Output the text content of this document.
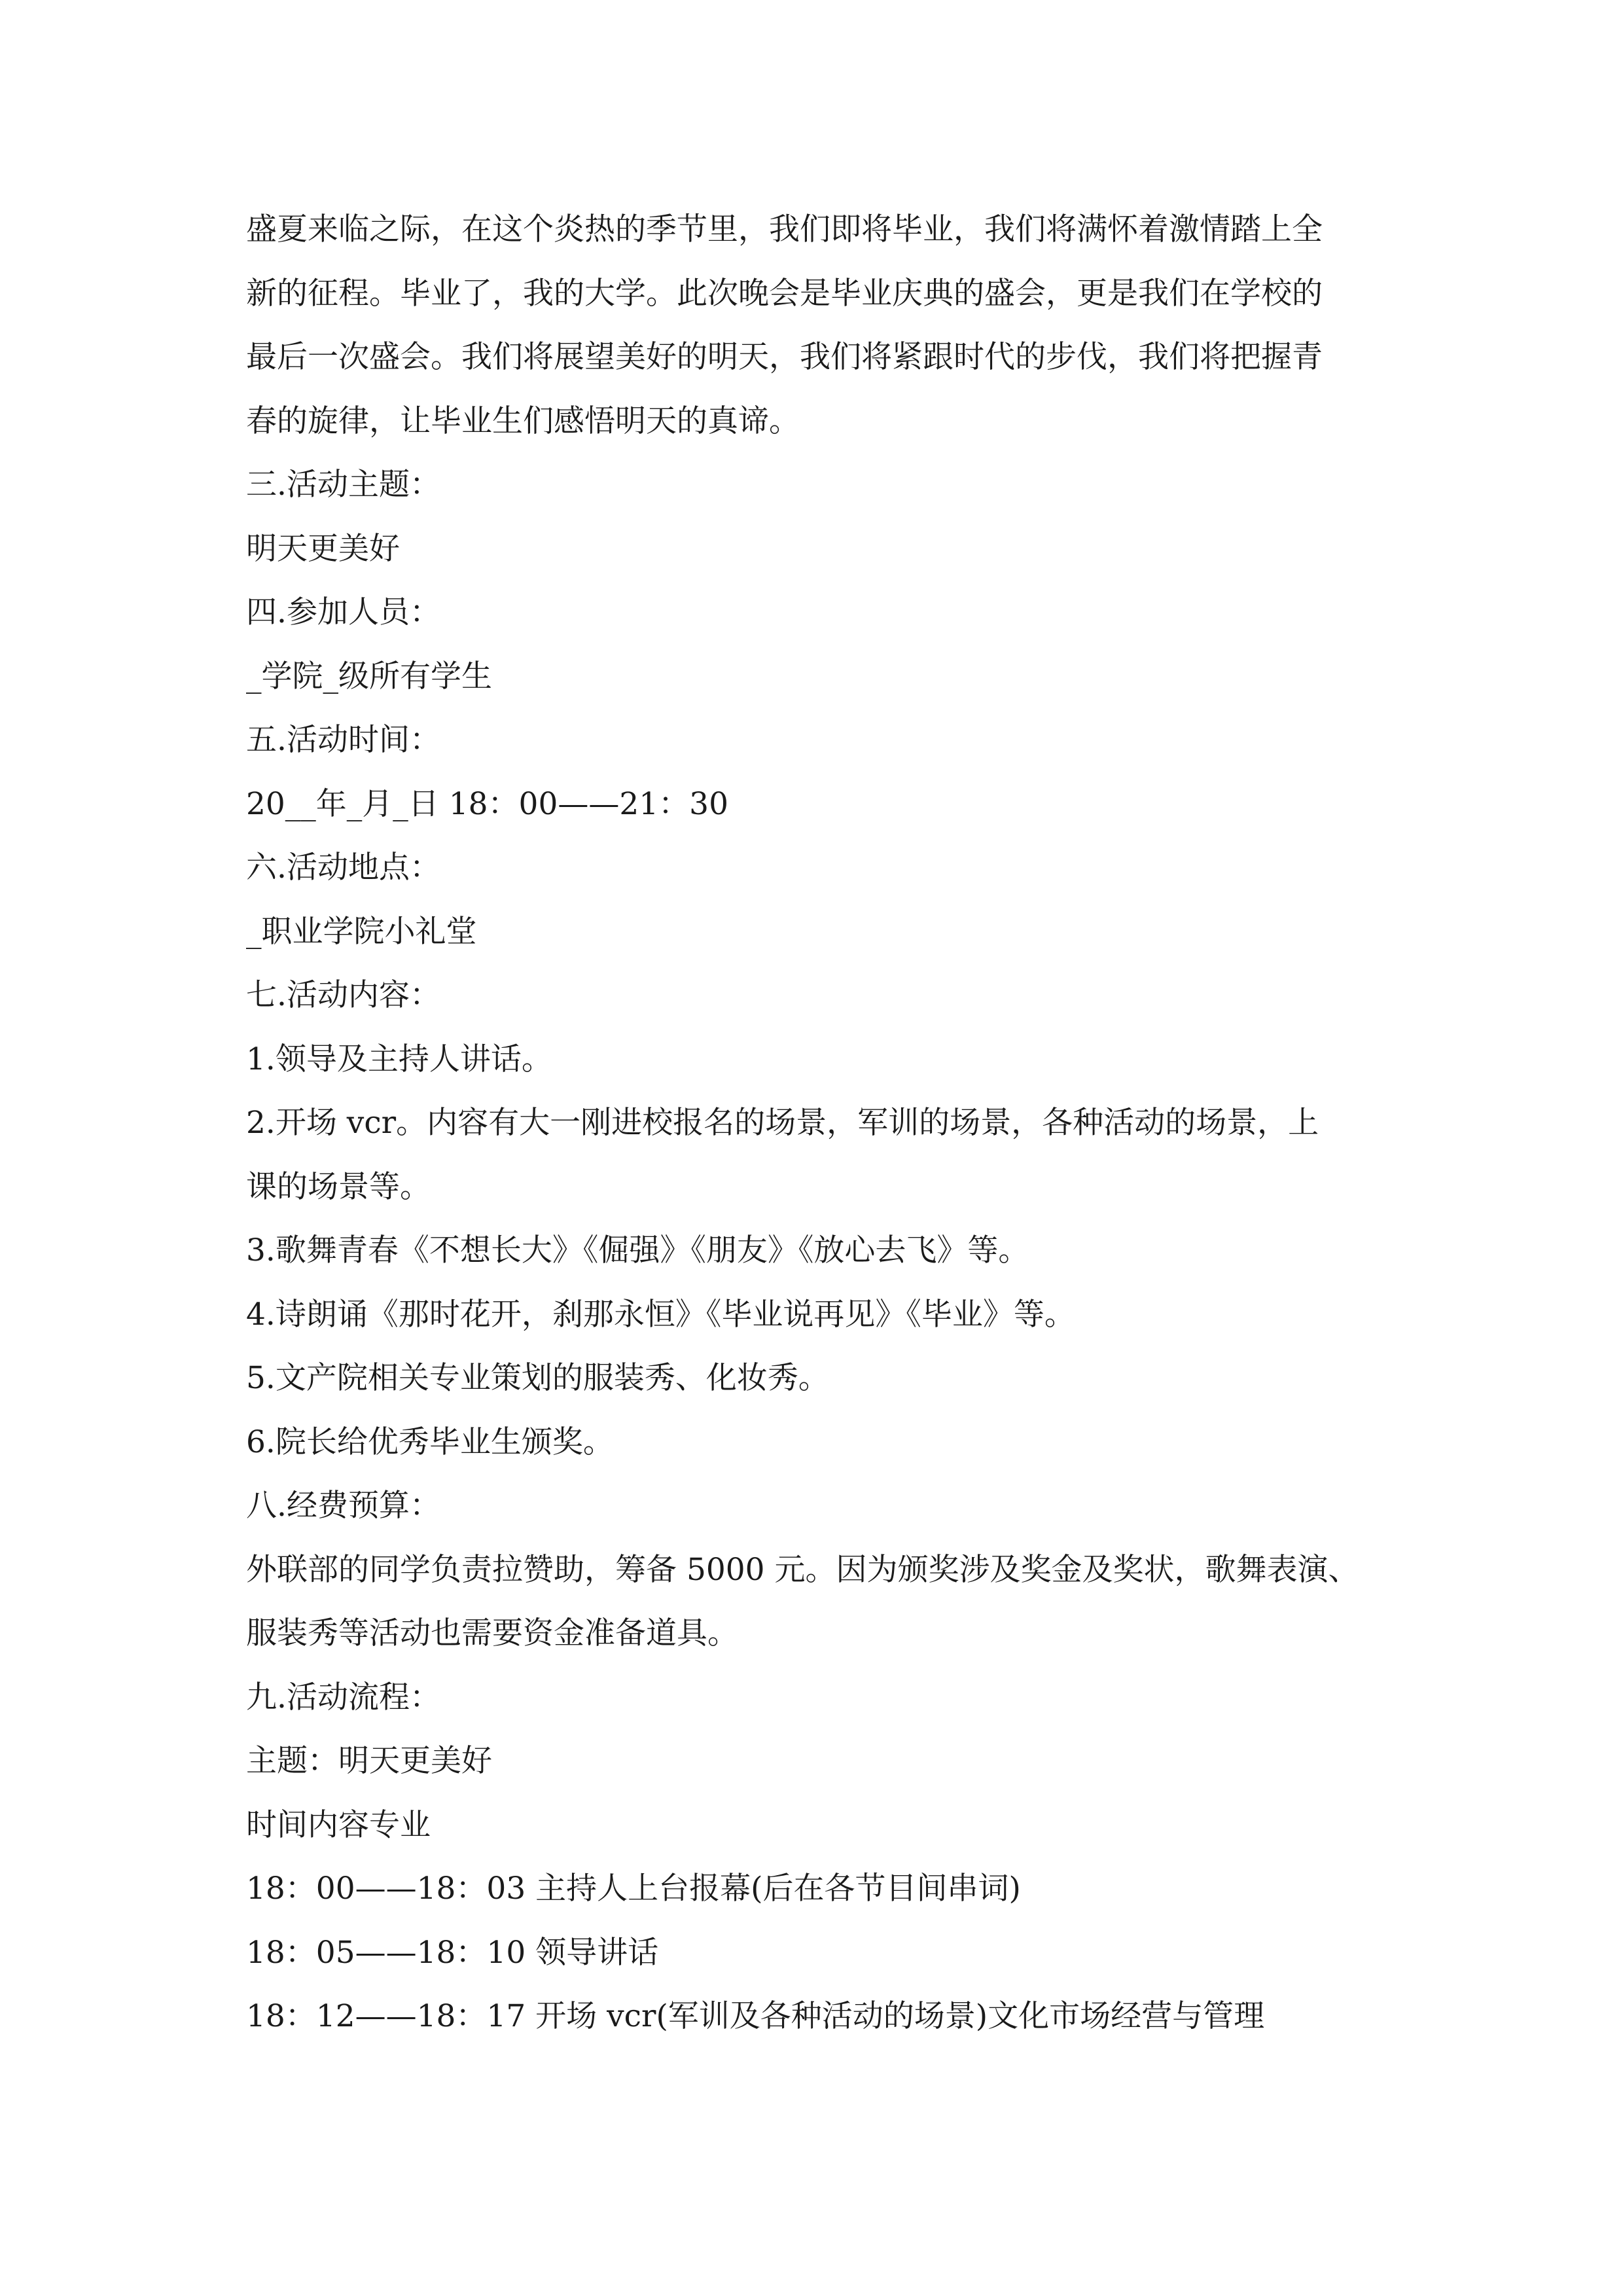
盛夏来临之际，在这个炎热的季节里，我们即将毕业，我们将满怀着激情踏上全
新的征程。毕业了，我的大学。此次晚会是毕业庆典的盛会，更是我们在学校的
最后一次盛会。我们将展望美好的明天，我们将紧跟时代的步伐，我们将把握青
春的旋律，让毕业生们感悟明天的真谛。
三.活动主题：
明天更美好
四.参加人员：
_学院_级所有学生
五.活动时间：
20__年_月_日 18：00——21：30
六.活动地点：
_职业学院小礼堂
七.活动内容：
1.领导及主持人讲话。
2.开场 vcr。内容有大一刚进校报名的场景，军训的场景，各种活动的场景，上
课的场景等。
3.歌舞青春《不想长大》《倔强》《朋友》《放心去飞》等。
4.诗朗诵《那时花开，刹那永恒》《毕业说再见》《毕业》等。
5.文产院相关专业策划的服装秀、化妆秀。
6.院长给优秀毕业生颁奖。
八.经费预算：
外联部的同学负责拉赞助，筹备 5000 元。因为颁奖涉及奖金及奖状，歌舞表演、
服装秀等活动也需要资金准备道具。
九.活动流程：
主题：明天更美好
时间内容专业
18：00——18：03 主持人上台报幕(后在各节目间串词)
18：05——18：10 领导讲话
18：12——18：17 开场 vcr(军训及各种活动的场景)文化市场经营与管理
